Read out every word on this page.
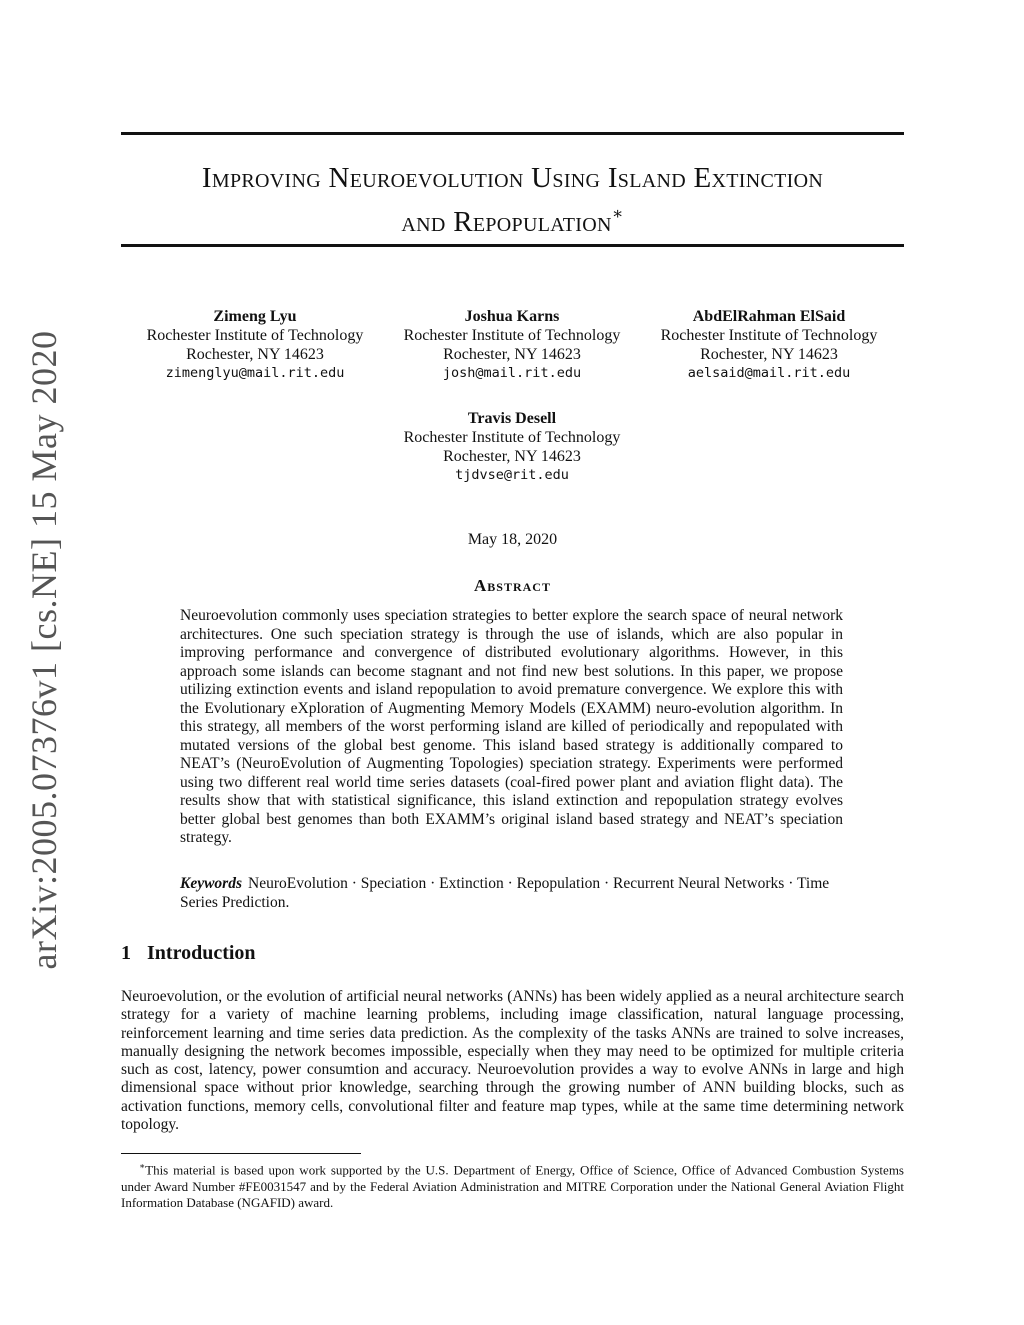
arXiv:2005.07376v1 [cs.NE] 15 May 2020
Improving Neuroevolution Using Island Extinction
and Repopulation∗
Zimeng Lyu
Rochester Institute of Technology
Rochester, NY 14623
zimenglyu@mail.rit.edu
Joshua Karns
Rochester Institute of Technology
Rochester, NY 14623
josh@mail.rit.edu
AbdElRahman ElSaid
Rochester Institute of Technology
Rochester, NY 14623
aelsaid@mail.rit.edu
Travis Desell
Rochester Institute of Technology
Rochester, NY 14623
tjdvse@rit.edu
May 18, 2020
Abstract
Neuroevolution commonly uses speciation strategies to better explore the search space of neural network architectures. One such speciation strategy is through the use of islands, which are also popular in improving performance and convergence of distributed evolutionary algorithms. However, in this approach some islands can become stagnant and not find new best solutions. In this paper, we propose utilizing extinction events and island repopulation to avoid premature convergence. We explore this with the Evolutionary eXploration of Augmenting Memory Models (EXAMM) neuro-evolution algorithm. In this strategy, all members of the worst performing island are killed of periodically and repopulated with mutated versions of the global best genome. This island based strategy is additionally compared to NEAT’s (NeuroEvolution of Augmenting Topologies) speciation strategy. Experiments were performed using two different real world time series datasets (coal-fired power plant and aviation flight data). The results show that with statistical significance, this island extinction and repopulation strategy evolves better global best genomes than both EXAMM’s original island based strategy and NEAT’s speciation strategy.
Keywords NeuroEvolution · Speciation · Extinction · Repopulation · Recurrent Neural Networks · Time Series Prediction.
1 Introduction
Neuroevolution, or the evolution of artificial neural networks (ANNs) has been widely applied as a neural architecture search strategy for a variety of machine learning problems, including image classification, natural language processing, reinforcement learning and time series data prediction. As the complexity of the tasks ANNs are trained to solve increases, manually designing the network becomes impossible, especially when they may need to be optimized for multiple criteria such as cost, latency, power consumtion and accuracy. Neuroevolution provides a way to evolve ANNs in large and high dimensional space without prior knowledge, searching through the growing number of ANN building blocks, such as activation functions, memory cells, convolutional filter and feature map types, while at the same time determining network topology.
∗This material is based upon work supported by the U.S. Department of Energy, Office of Science, Office of Advanced Combustion Systems under Award Number #FE0031547 and by the Federal Aviation Administration and MITRE Corporation under the National General Aviation Flight Information Database (NGAFID) award.
